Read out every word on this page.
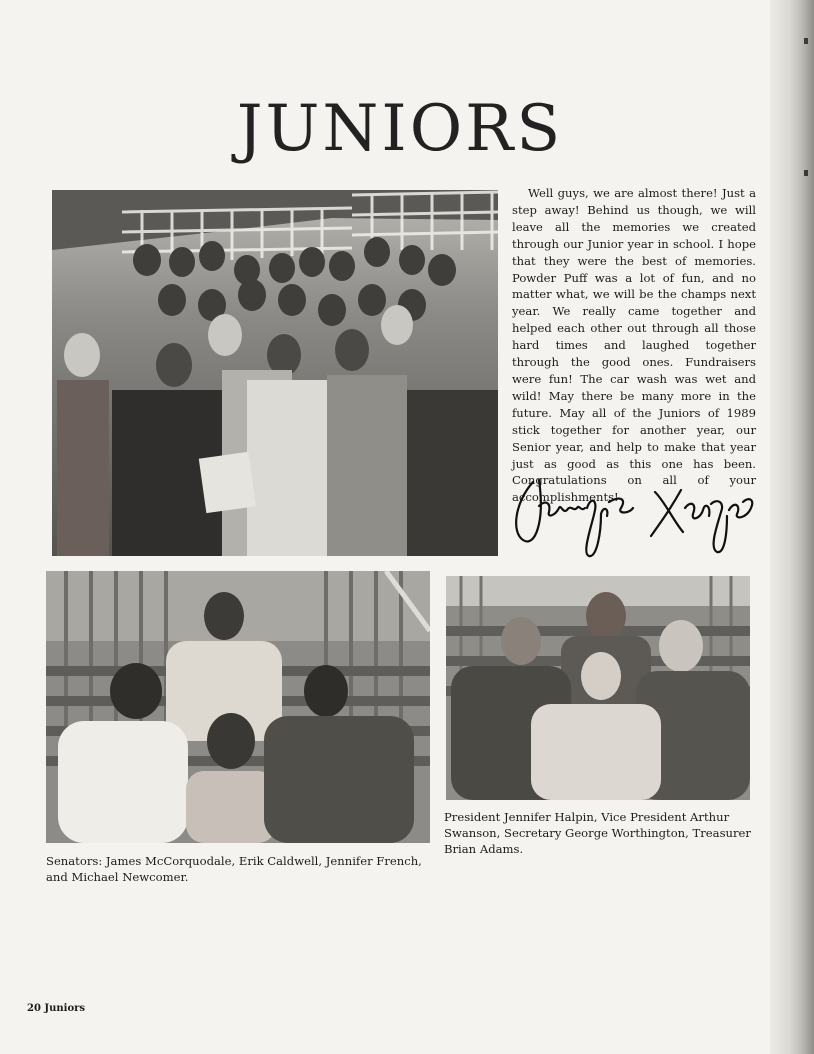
JUNIORS

Well guys, we are almost there! Just a step away! Behind us though, we will leave all the memories we created through our Junior year in school. I hope that they were the best of memories. Powder Puff was a lot of fun, and no matter what, we will be the champs next year. We really came together and helped each other out through all those hard times and laughed together through the good ones. Fundraisers were fun! The car wash was wet and wild! May there be many more in the future. May all of the Juniors of 1989 stick together for another year, our Senior year, and help to make that year just as good as this one has been. Congratulations on all of your accomplishments!

Senators: James McCorquodale, Erik Caldwell, Jennifer French, and Michael Newcomer.

President Jennifer Halpin, Vice President Arthur Swanson, Secretary George Worthington, Treasurer Brian Adams.

20 Juniors
